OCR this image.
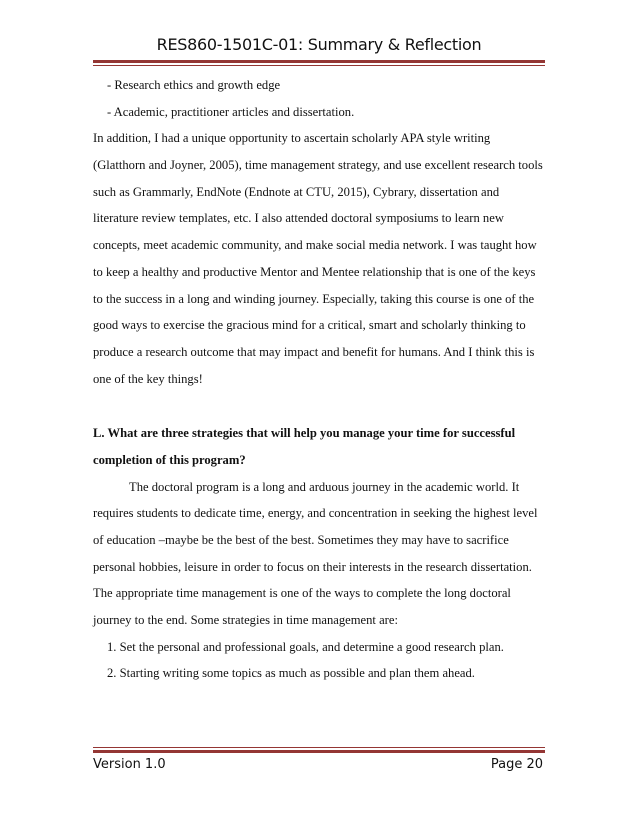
RES860-1501C-01: Summary & Reflection
- Research ethics and growth edge
- Academic, practitioner articles and dissertation.
In addition, I had a unique opportunity to ascertain scholarly APA style writing
(Glatthorn and Joyner, 2005), time management strategy, and use excellent research tools
such as Grammarly, EndNote (Endnote at CTU, 2015), Cybrary, dissertation and
literature review templates, etc. I also attended doctoral symposiums to learn new
concepts, meet academic community, and make social media network. I was taught how
to keep a healthy and productive Mentor and Mentee relationship that is one of the keys
to the success in a long and winding journey. Especially, taking this course is one of the
good ways to exercise the gracious mind for a critical, smart and scholarly thinking to
produce a research outcome that may impact and benefit for humans. And I think this is
one of the key things!
L. What are three strategies that will help you manage your time for successful
completion of this program?
The doctoral program is a long and arduous journey in the academic world. It
requires students to dedicate time, energy, and concentration in seeking the highest level
of education –maybe be the best of the best. Sometimes they may have to sacrifice
personal hobbies, leisure in order to focus on their interests in the research dissertation.
The appropriate time management is one of the ways to complete the long doctoral
journey to the end. Some strategies in time management are:
1. Set the personal and professional goals, and determine a good research plan.
2. Starting writing some topics as much as possible and plan them ahead.
Version 1.0	Page 20
